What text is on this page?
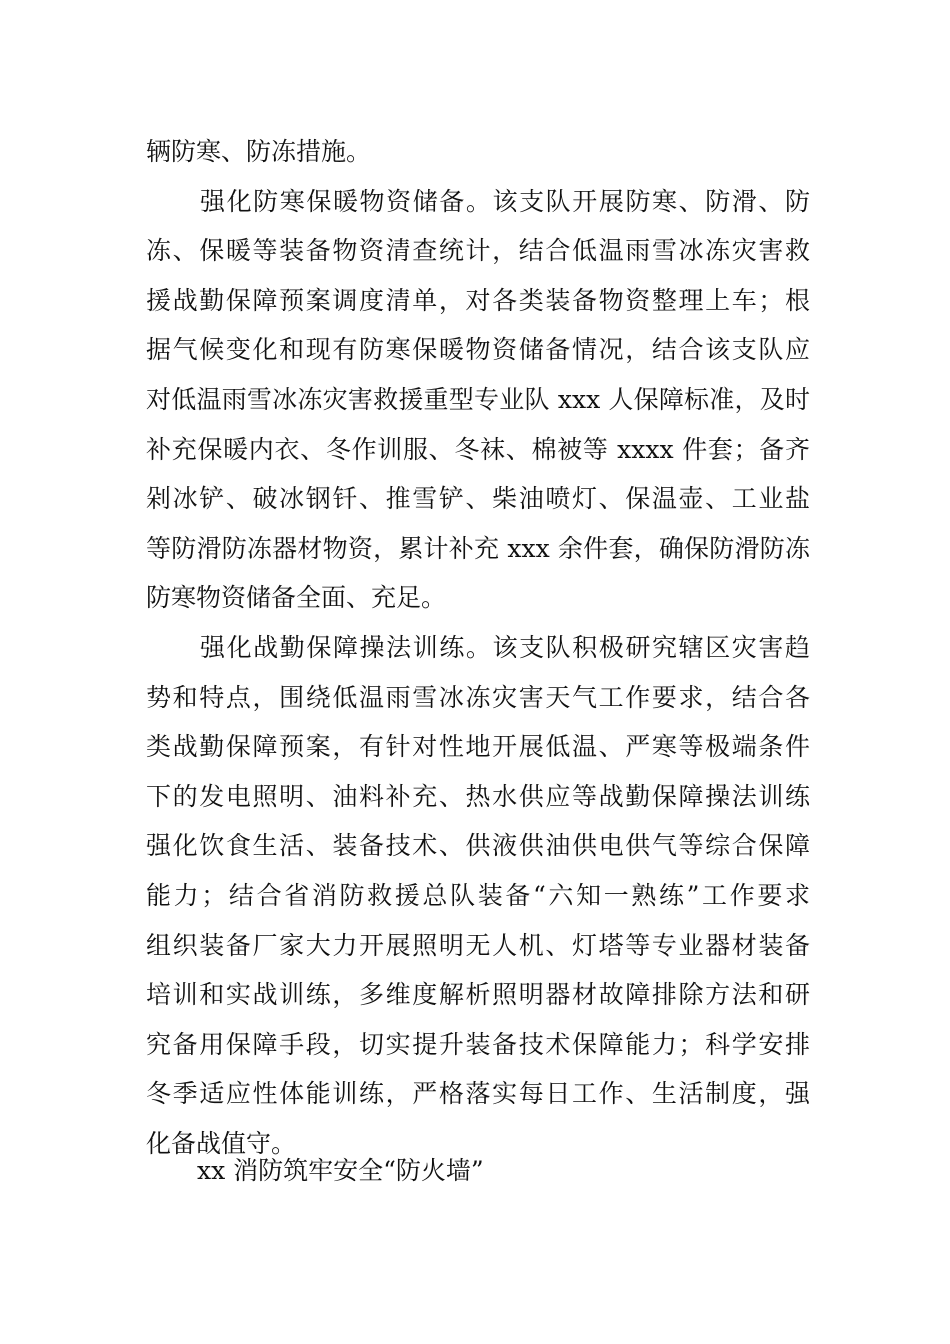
辆防寒、防冻措施。
强化防寒保暖物资储备。该支队开展防寒、防滑、防
冻、保暖等装备物资清查统计，结合低温雨雪冰冻灾害救
援战勤保障预案调度清单，对各类装备物资整理上车；根
据气候变化和现有防寒保暖物资储备情况，结合该支队应
对低温雨雪冰冻灾害救援重型专业队 xxx 人保障标准，及时
补充保暖内衣、冬作训服、冬袜、棉被等 xxxx 件套；备齐
剁冰铲、破冰钢钎、推雪铲、柴油喷灯、保温壶、工业盐
等防滑防冻器材物资，累计补充 xxx 余件套，确保防滑防冻
防寒物资储备全面、充足。
强化战勤保障操法训练。该支队积极研究辖区灾害趋
势和特点，围绕低温雨雪冰冻灾害天气工作要求，结合各
类战勤保障预案，有针对性地开展低温、严寒等极端条件
下的发电照明、油料补充、热水供应等战勤保障操法训练
强化饮食生活、装备技术、供液供油供电供气等综合保障
能力；结合省消防救援总队装备“六知一熟练”工作要求
组织装备厂家大力开展照明无人机、灯塔等专业器材装备
培训和实战训练，多维度解析照明器材故障排除方法和研
究备用保障手段，切实提升装备技术保障能力；科学安排
冬季适应性体能训练，严格落实每日工作、生活制度，强
化备战值守。
xx 消防筑牢安全“防火墙”
